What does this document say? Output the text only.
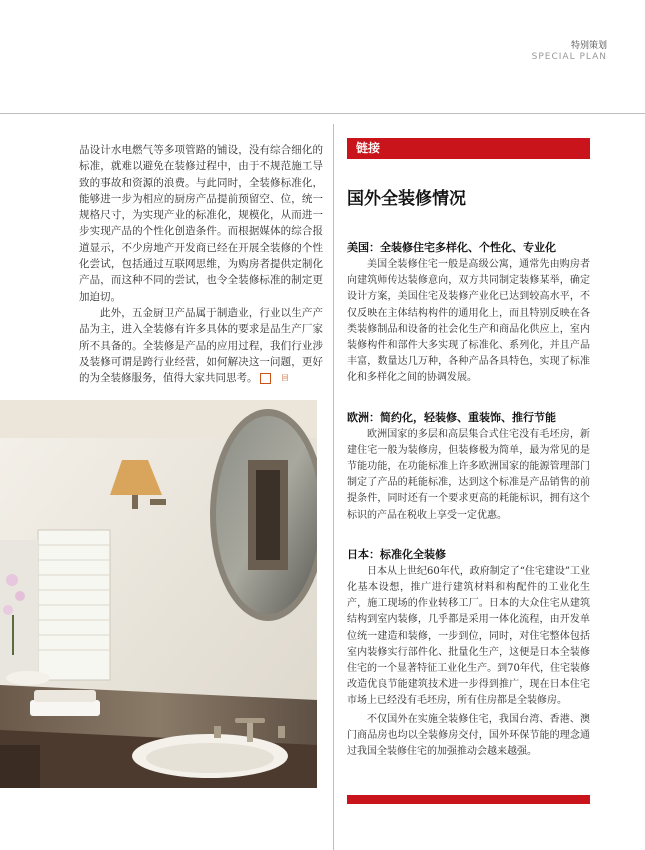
特别策划
SPECIAL PLAN

品设计水电燃气等多项管路的铺设，没有综合细化的标准，就难以避免在装修过程中，由于不规范施工导致的事故和资源的浪费。与此同时，全装修标准化，能够进一步为相应的厨房产品提前预留空、位，统一规格尺寸，为实现产业的标准化，规模化，从而进一步实现产品的个性化创造条件。而根据媒体的综合报道显示，不少房地产开发商已经在开展全装修的个性化尝试，包括通过互联网思维，为购房者提供定制化产品，而这种不同的尝试，也令全装修标准的制定更加迫切。

此外，五金厨卫产品属于制造业，行业以生产产品为主，进入全装修有许多具体的要求是品生产厂家所不具备的。全装修是产品的应用过程，我们行业涉及装修可谓是跨行业经营，如何解决这一问题，更好的为全装修服务，值得大家共同思考。	回

链接
国外全装修情况
美国：全装修住宅多样化、个性化、专业化

美国全装修住宅一般是高级公寓，通常先由购房者向建筑师传达装修意向，双方共同制定装修某举，确定设计方案，美国住宅及装修产业化已达到较高水平，不仅反映在主体结构构件的通用化上，而且特别反映在各类装修制品和设备的社会化生产和商品化供应上，室内装修构件和部件大多实现了标准化、系列化，并且产品丰富，数量达几万种，各种产品各具特色，实现了标准化和多样化之间的协调发展。

欧洲：简约化，轻装修、重装饰、推行节能

欧洲国家的多层和高层集合式住宅没有毛坯房，新建住宅一般为装修房，但装修极为简单，最为常见的是节能功能，在功能标准上许多欧洲国家的能源管理部门制定了产品的耗能标准，达到这个标准是产品销售的前提条件，同时还有一个要求更高的耗能标识，拥有这个标识的产品在税收上享受一定优惠。

日本：标准化全装修

日本从上世纪60年代，政府制定了“住宅建设”工业化基本设想，推广进行建筑材料和构配件的工业化生产，施工现场的作业转移工厂。日本的大众住宅从建筑结构到室内装修，几乎都是采用一体化流程，由开发单位统一建造和装修，一步到位，同时，对住宅整体包括室内装修实行部件化、批量化生产，这便是日本全装修住宅的一个显著特征工业化生产。到70年代，住宅装修改造优良节能建筑技术进一步得到推广，现在日本住宅市场上已经没有毛坯房，所有住房都是全装修房。

不仅国外在实施全装修住宅，我国台湾、香港、澳门商品房也均以全装修房交付，国外环保节能的理念通过我国全装修住宅的加强推动会越来越强。
